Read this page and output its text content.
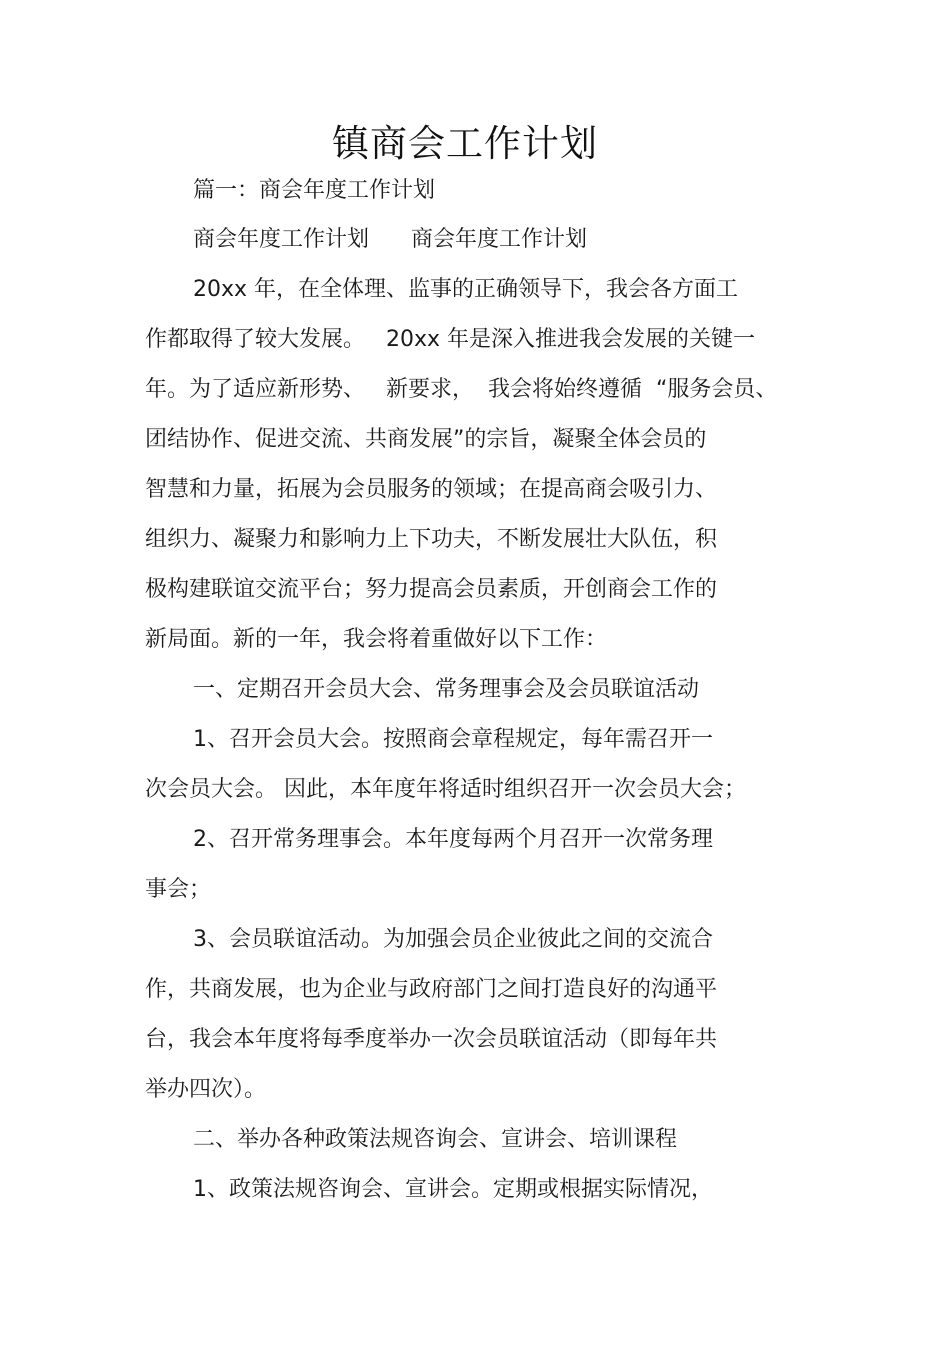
镇商会工作计划
篇一：商会年度工作计划
商会年度工作计划      商会年度工作计划
20xx 年，在全体理、监事的正确领导下，我会各方面工
作都取得了较大发展。   20xx 年是深入推进我会发展的关键一
年。为了适应新形势、   新要求，  我会将始终遵循  “服务会员、
团结协作、促进交流、共商发展”的宗旨，凝聚全体会员的
智慧和力量，拓展为会员服务的领域；在提高商会吸引力、
组织力、凝聚力和影响力上下功夫，不断发展壮大队伍，积
极构建联谊交流平台；努力提高会员素质，开创商会工作的
新局面。新的一年，我会将着重做好以下工作：
一、定期召开会员大会、常务理事会及会员联谊活动
1、召开会员大会。按照商会章程规定，每年需召开一
次会员大会。 因此，本年度年将适时组织召开一次会员大会；
2、召开常务理事会。本年度每两个月召开一次常务理
事会；
3、会员联谊活动。为加强会员企业彼此之间的交流合
作，共商发展，也为企业与政府部门之间打造良好的沟通平
台，我会本年度将每季度举办一次会员联谊活动（即每年共
举办四次）。
二、举办各种政策法规咨询会、宣讲会、培训课程
1、政策法规咨询会、宣讲会。定期或根据实际情况，
